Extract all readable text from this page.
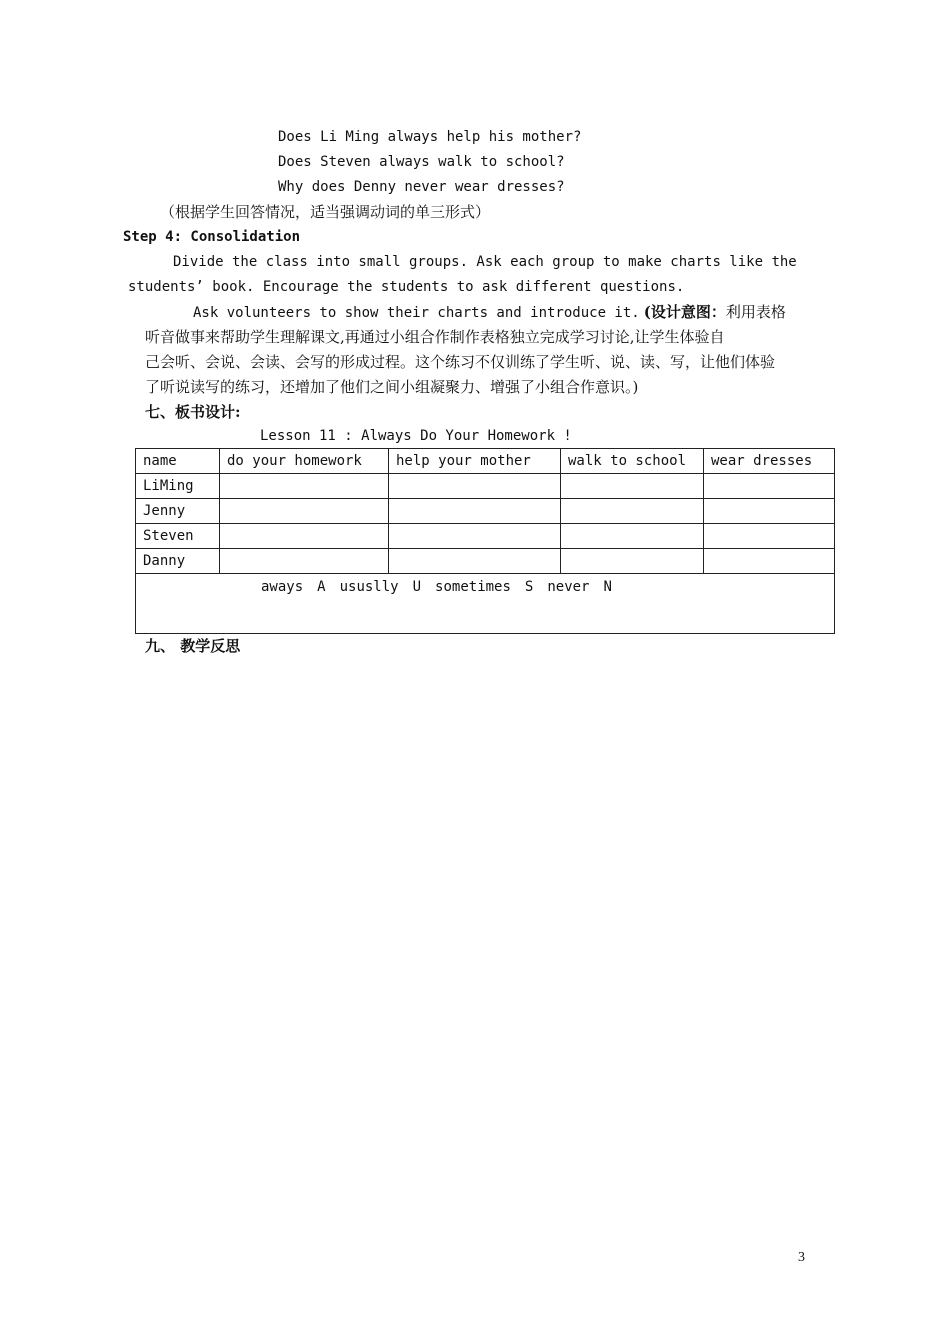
Does Li Ming always help his mother?
Does Steven always walk to school?
Why does Denny never wear dresses?
（根据学生回答情况，适当强调动词的单三形式）
Step 4: Consolidation
Divide the class into small groups. Ask each group to make charts like the
students’ book. Encourage the students to ask different questions.
Ask volunteers to show their charts and introduce it. (设计意图：利用表格
听音做事来帮助学生理解课文,再通过小组合作制作表格独立完成学习讨论,让学生体验自
己会听、会说、会读、会写的形成过程。这个练习不仅训练了学生听、说、读、写，让他们体验
了听说读写的练习，还增加了他们之间小组凝聚力、增强了小组合作意识。)
七、板书设计:
Lesson 11 : Always Do Your Homework !
name	do your homework	help your mother	walk to school	wear dresses
LiMing				
Jenny				
Steven				
Danny				

aways A ususlly U sometimes S never N				
九、 教学反思
3
